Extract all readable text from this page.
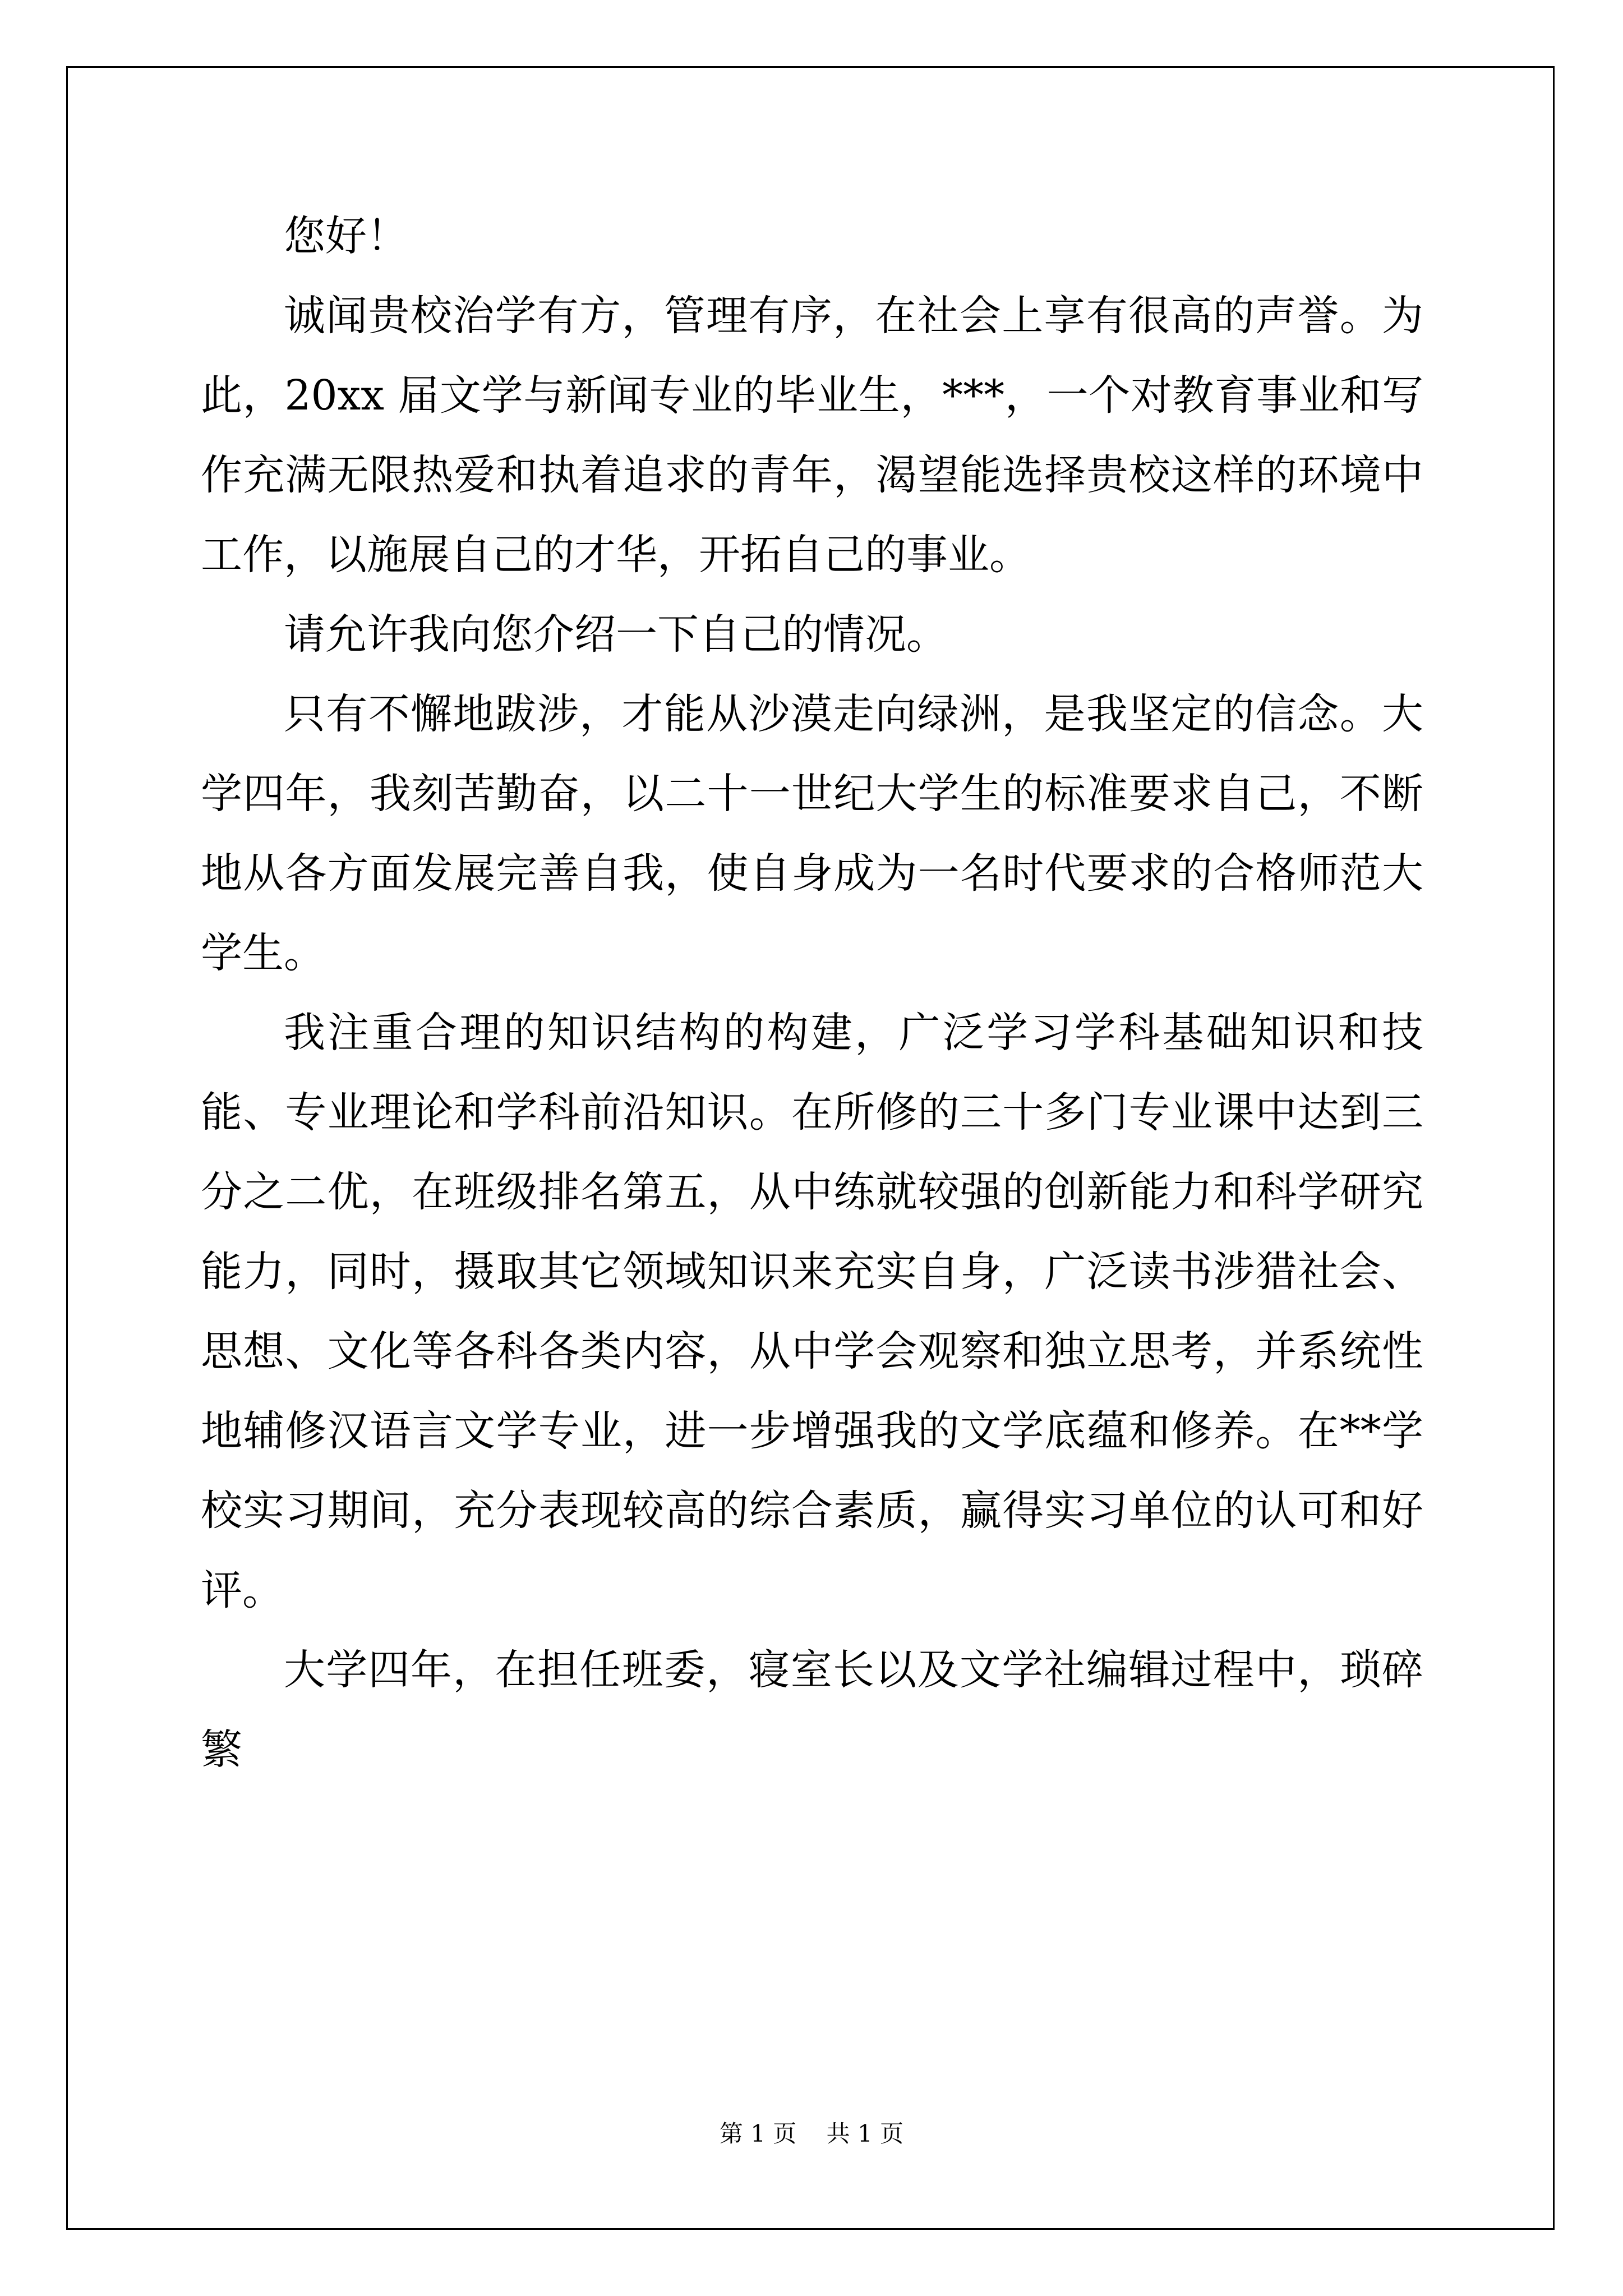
您好！

诚闻贵校治学有方，管理有序，在社会上享有很高的声誉。为此，20xx 届文学与新闻专业的毕业生，***，一个对教育事业和写作充满无限热爱和执着追求的青年，渴望能选择贵校这样的环境中工作，以施展自己的才华，开拓自己的事业。

请允许我向您介绍一下自己的情况。

只有不懈地跋涉，才能从沙漠走向绿洲，是我坚定的信念。大学四年，我刻苦勤奋，以二十一世纪大学生的标准要求自己，不断地从各方面发展完善自我，使自身成为一名时代要求的合格师范大学生。

我注重合理的知识结构的构建，广泛学习学科基础知识和技能、专业理论和学科前沿知识。在所修的三十多门专业课中达到三分之二优，在班级排名第五，从中练就较强的创新能力和科学研究能力，同时，摄取其它领域知识来充实自身，广泛读书涉猎社会、思想、文化等各科各类内容，从中学会观察和独立思考，并系统性地辅修汉语言文学专业，进一步增强我的文学底蕴和修养。在**学校实习期间，充分表现较高的综合素质，赢得实习单位的认可和好评。

大学四年，在担任班委，寝室长以及文学社编辑过程中，琐碎繁

第 1 页 共 1 页
